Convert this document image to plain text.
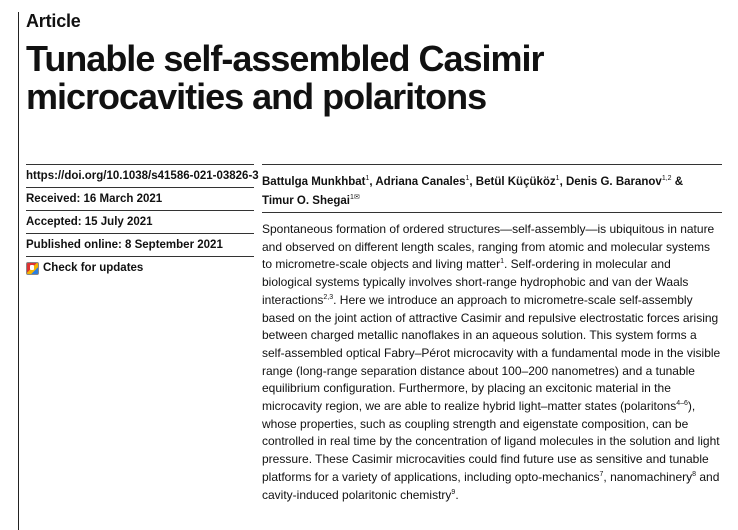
Article
Tunable self-assembled Casimir
microcavities and polaritons
https://doi.org/10.1038/s41586-021-03826-3
Received: 16 March 2021
Accepted: 15 July 2021
Published online: 8 September 2021
Check for updates
Battulga Munkhbat$^1$, Adriana Canales$^1$, Betül Küçüköz$^1$, Denis G. Baranov$^{1,2}$ &
Timur O. Shegai$^{1✉}$
Spontaneous formation of ordered structures—self-assembly—is ubiquitous in nature and observed on different length scales, ranging from atomic and molecular systems to micrometre-scale objects and living matter$^1$. Self-ordering in molecular and biological systems typically involves short-range hydrophobic and van der Waals interactions$^{2,3}$. Here we introduce an approach to micrometre-scale self-assembly based on the joint action of attractive Casimir and repulsive electrostatic forces arising between charged metallic nanoflakes in an aqueous solution. This system forms a self-assembled optical Fabry–Pérot microcavity with a fundamental mode in the visible range (long-range separation distance about 100–200 nanometres) and a tunable equilibrium configuration. Furthermore, by placing an excitonic material in the microcavity region, we are able to realize hybrid light–matter states (polaritons$^{4-6}$), whose properties, such as coupling strength and eigenstate composition, can be controlled in real time by the concentration of ligand molecules in the solution and light pressure. These Casimir microcavities could find future use as sensitive and tunable platforms for a variety of applications, including opto-mechanics$^7$, nanomachinery$^8$ and cavity-induced polaritonic chemistry$^9$.
